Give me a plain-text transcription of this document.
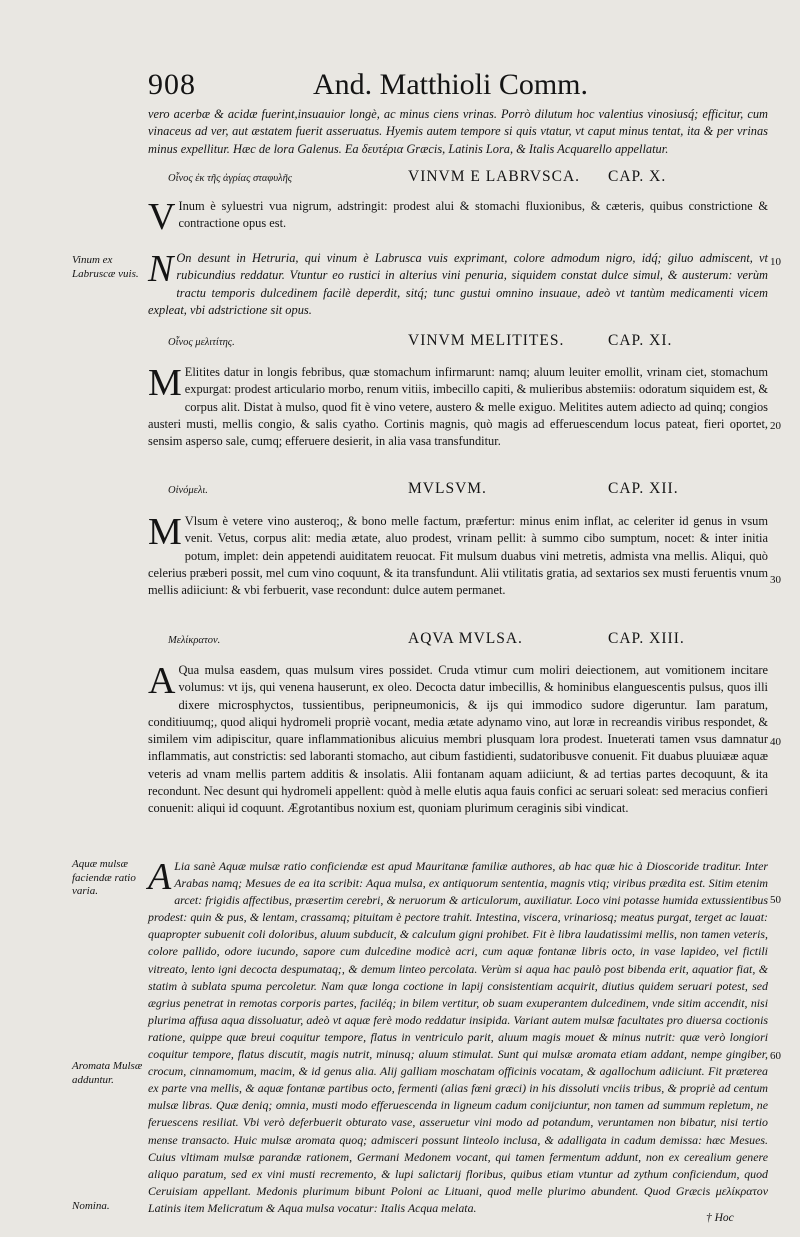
908	And. Matthioli Comm.

vero acerbæ & acidæ fuerint,insuauior longè, ac minus ciens vrinas. Porrò dilutum hoc valentius vinosiusq́; efficitur, cum vinaceus ad ver, aut æstatem fuerit asseruatus. Hyemis autem tempore si quis vtatur, vt caput minus tentat, ita & per vrinas minus expellitur. Hæc de lora Galenus. Ea δευτέρια Græcis, Latinis Lora, & Italis Acquarello appellatur.

Οἶνος ἐκ τῆς ἀγρίας σταφυλῆς	VINVM E LABRVSCA. CAP. X.

V Inum è syluestri vua nigrum, adstringit: prodest alui & stomachi fluxionibus, & cæteris, quibus constrictione & contractione opus est.

N On desunt in Hetruria, qui vinum è Labrusca vuis exprimant, colore admodum nigro, idq́; giluo admiscent, vt rubicundius reddatur. Vtuntur eo rustici in alterius vini penuria, siquidem constat dulce simul, & austerum: verùm tractu temporis dulcedinem facilè deperdit, sitq́; tunc gustui omnino insuaue, adeò vt tantùm medicamenti vicem expleat, vbi adstrictione sit opus.

Οἶνος μελιτίτης.	VINVM MELITITES.	CAP. XI.

M Elitites datur in longis febribus, quæ stomachum infirmarunt: namq; aluum leuiter emollit, vrinam ciet, stomachum expurgat: prodest articulario morbo, renum vitiis, imbecillo capiti, & mulieribus abstemiis: odoratum siquidem est, & corpus alit. Distat à mulso, quod fit è vino vetere, austero & melle exiguo. Melitites autem adiecto ad quinq; congios austeri musti, mellis congio, & salis cyatho. Cortinis magnis, quò magis ad efferuescendum locus pateat, fieri oportet, sensim asperso sale, cumq; efferuere desierit, in alia vasa transfunditur.

Οἰνόμελι.	MVLSVM.	CAP. XII.

M Vlsum è vetere vino austeroq;, & bono melle factum, præfertur: minus enim inflat, ac celeriter id genus in vsum venit. Vetus, corpus alit: media ætate, aluo prodest, vrinam pellit: à summo cibo sumptum, nocet: & inter initia potum, implet: dein appetendi auiditatem reuocat. Fit mulsum duabus vini metretis, admista vna mellis. Aliqui, quò celerius præberi possit, mel cum vino coquunt, & ita transfundunt. Alii vtilitatis gratia, ad sextarios sex musti feruentis vnum mellis adiiciunt: & vbi ferbuerit, vase recondunt: dulce autem permanet.

Μελίκρατον.	AQVA MVLSA.	CAP. XIII.

A Qua mulsa easdem, quas mulsum vires possidet. Cruda vtimur cum moliri deiectionem, aut vomitionem incitare volumus: vt ijs, qui venena hauserunt, ex oleo. Decocta datur imbecillis, & hominibus elanguescentis pulsus, quos illi dixere microsphyctos, tussientibus, peripneumonicis, & ijs qui immodico sudore digeruntur. Iam paratum, conditiuumq;, quod aliqui hydromeli propriè vocant, media ætate adynamo vino, aut loræ in recreandis viribus respondet, & similem vim adipiscitur, quare inflammationibus alicuius membri plusquam lora prodest. Inueterati tamen vsus damnatur inflammatis, aut constrictis: sed laboranti stomacho, aut cibum fastidienti, sudatoribusve conuenit. Fit duabus pluuiææ aquæ veteris ad vnam mellis partem additis & insolatis. Alii fontanam aquam adiiciunt, & ad tertias partes decoquunt, & ita recondunt. Nec desunt qui hydromeli appellent: quòd à melle elutis aqua fauis confici ac seruari soleat: sed meracius confieri conuenit: aliqui id coquunt. Ægrotantibus noxium est, quoniam plurimum ceraginis sibi vindicat.

A Lia sanè Aquæ mulsæ ratio conficiendæ est apud Mauritanæ familiæ authores, ab hac quæ hic à Dioscoride traditur. Inter Arabas namq; Mesues de ea ita scribit: Aqua mulsa, ex antiquorum sententia, magnis vtiq; viribus prædita est. Sitim etenim arcet: frigidis affectibus, præsertim cerebri, & neruorum & articulorum, auxiliatur. Loco vini potasse humida extussientibus prodest: quin & pus, & lentam, crassamq; pituitam è pectore trahit. Intestina, viscera, vrinariosq; meatus purgat, terget ac lauat: quapropter subuenit coli doloribus, aluum subducit, & calculum gigni prohibet. Fit è libra laudatissimi mellis, non tamen veteris, colore pallido, odore iucundo, sapore cum dulcedine modicè acri, cum aquæ fontanæ libris octo, in vase lapideo, vel fictili vitreato, lento igni decocta despumataq;, & demum linteo percolata. Verùm si aqua hac paulò post bibenda erit, aquatior fiat, & statim à sublata spuma percoletur. Nam quæ longa coctione in lapij consistentiam acquirit, diutius quidem seruari potest, sed ægrius penetrat in remotas corporis partes, faciléq; in bilem vertitur, ob suam exuperantem dulcedinem, vnde sitim accendit, nisi plurima affusa aqua dissoluatur, adeò vt aquæ ferè modo reddatur insipida. Variant autem mulsæ facultates pro diuersa coctionis ratione, quippe quæ breui coquitur tempore, flatus in ventriculo parit, aluum magis mouet & minus nutrit: quæ verò longiori coquitur tempore, flatus discutit, magis nutrit, minusq; aluum stimulat. Sunt qui mulsæ aromata etiam addant, nempe gingiber, crocum, cinnamomum, macim, & id genus alia. Alij galliam moschatam officinis vocatam, & agallochum adiiciunt. Fit præterea ex parte vna mellis, & aquæ fontanæ partibus octo, fermenti (alias fœni græci) in his dissoluti vnciis tribus, & propriè ad centum mulsæ libras. Quæ deniq; omnia, musti modo efferuescenda in ligneum cadum conijciuntur, non tamen ad summum repletum, ne feruescens resiliat. Vbi verò deferbuerit obturato vase, asseruetur vini modo ad potandum, veruntamen non bibatur, nisi tertio mense transacto. Huic mulsæ aromata quoq; admisceri possunt linteolo inclusa, & adalligata in cadum demissa: hæc Mesues. Cuius vltimam mulsæ parandæ rationem, Germani Medonem vocant, qui tamen fermentum addunt, non ex cerealium genere aliquo paratum, sed ex vini musti recremento, & lupi salictarij floribus, quibus etiam vtuntur ad zythum conficiendum, quod Ceruisiam appellant. Medonis plurimum bibunt Poloni ac Lituani, quod melle plurimo abundent. Quod Græcis μελίκρατον Latinis item Melicratum & Aqua mulsa vocatur: Italis Acqua melata.

Vinum ex Labruscæ vuis.
Aquæ mulsæ faciendæ ratio varia.
Aromata Mulsæ adduntur.
Nomina.
10
20
30
40
50
60
† Hoc
